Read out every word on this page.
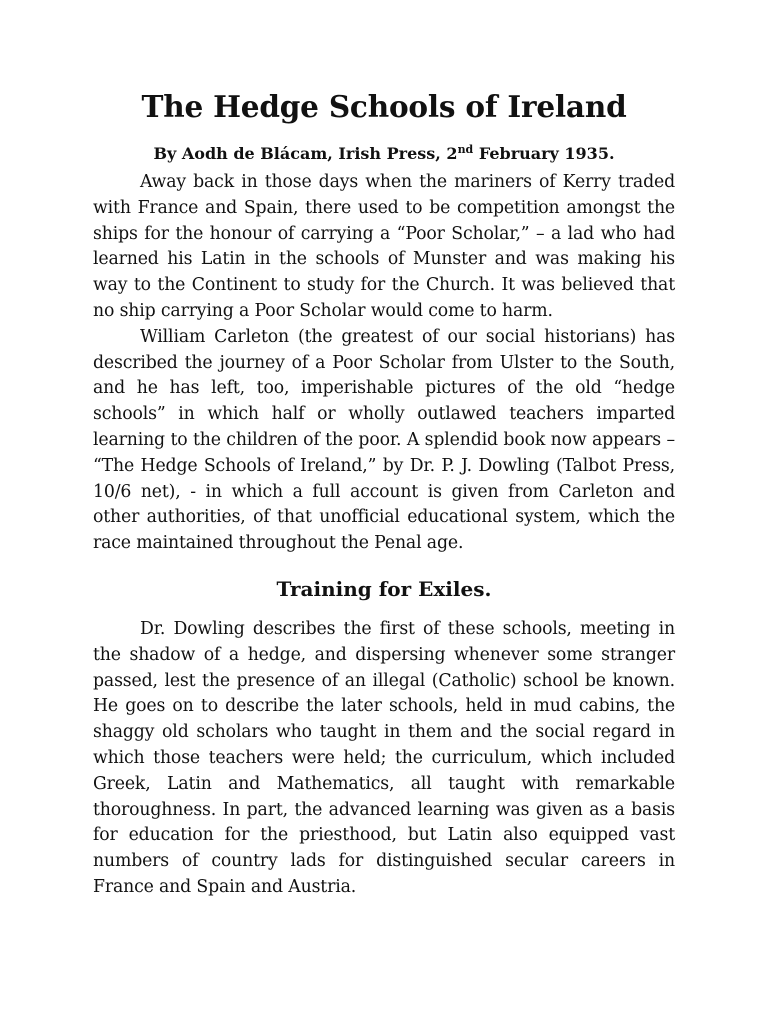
The Hedge Schools of Ireland

By Aodh de Blácam, Irish Press, 2nd February 1935.

Away back in those days when the mariners of Kerry traded with France and Spain, there used to be competition amongst the ships for the honour of carrying a “Poor Scholar,” – a lad who had learned his Latin in the schools of Munster and was making his way to the Continent to study for the Church. It was believed that no ship carrying a Poor Scholar would come to harm.

William Carleton (the greatest of our social historians) has described the journey of a Poor Scholar from Ulster to the South, and he has left, too, imperishable pictures of the old “hedge schools” in which half or wholly outlawed teachers imparted learning to the children of the poor. A splendid book now appears – “The Hedge Schools of Ireland,” by Dr. P. J. Dowling (Talbot Press, 10/6 net), - in which a full account is given from Carleton and other authorities, of that unofficial educational system, which the race maintained throughout the Penal age.

Training for Exiles.

Dr. Dowling describes the first of these schools, meeting in the shadow of a hedge, and dispersing whenever some stranger passed, lest the presence of an illegal (Catholic) school be known. He goes on to describe the later schools, held in mud cabins, the shaggy old scholars who taught in them and the social regard in which those teachers were held; the curriculum, which included Greek, Latin and Mathematics, all taught with remarkable thoroughness. In part, the advanced learning was given as a basis for education for the priesthood, but Latin also equipped vast numbers of country lads for distinguished secular careers in France and Spain and Austria.
